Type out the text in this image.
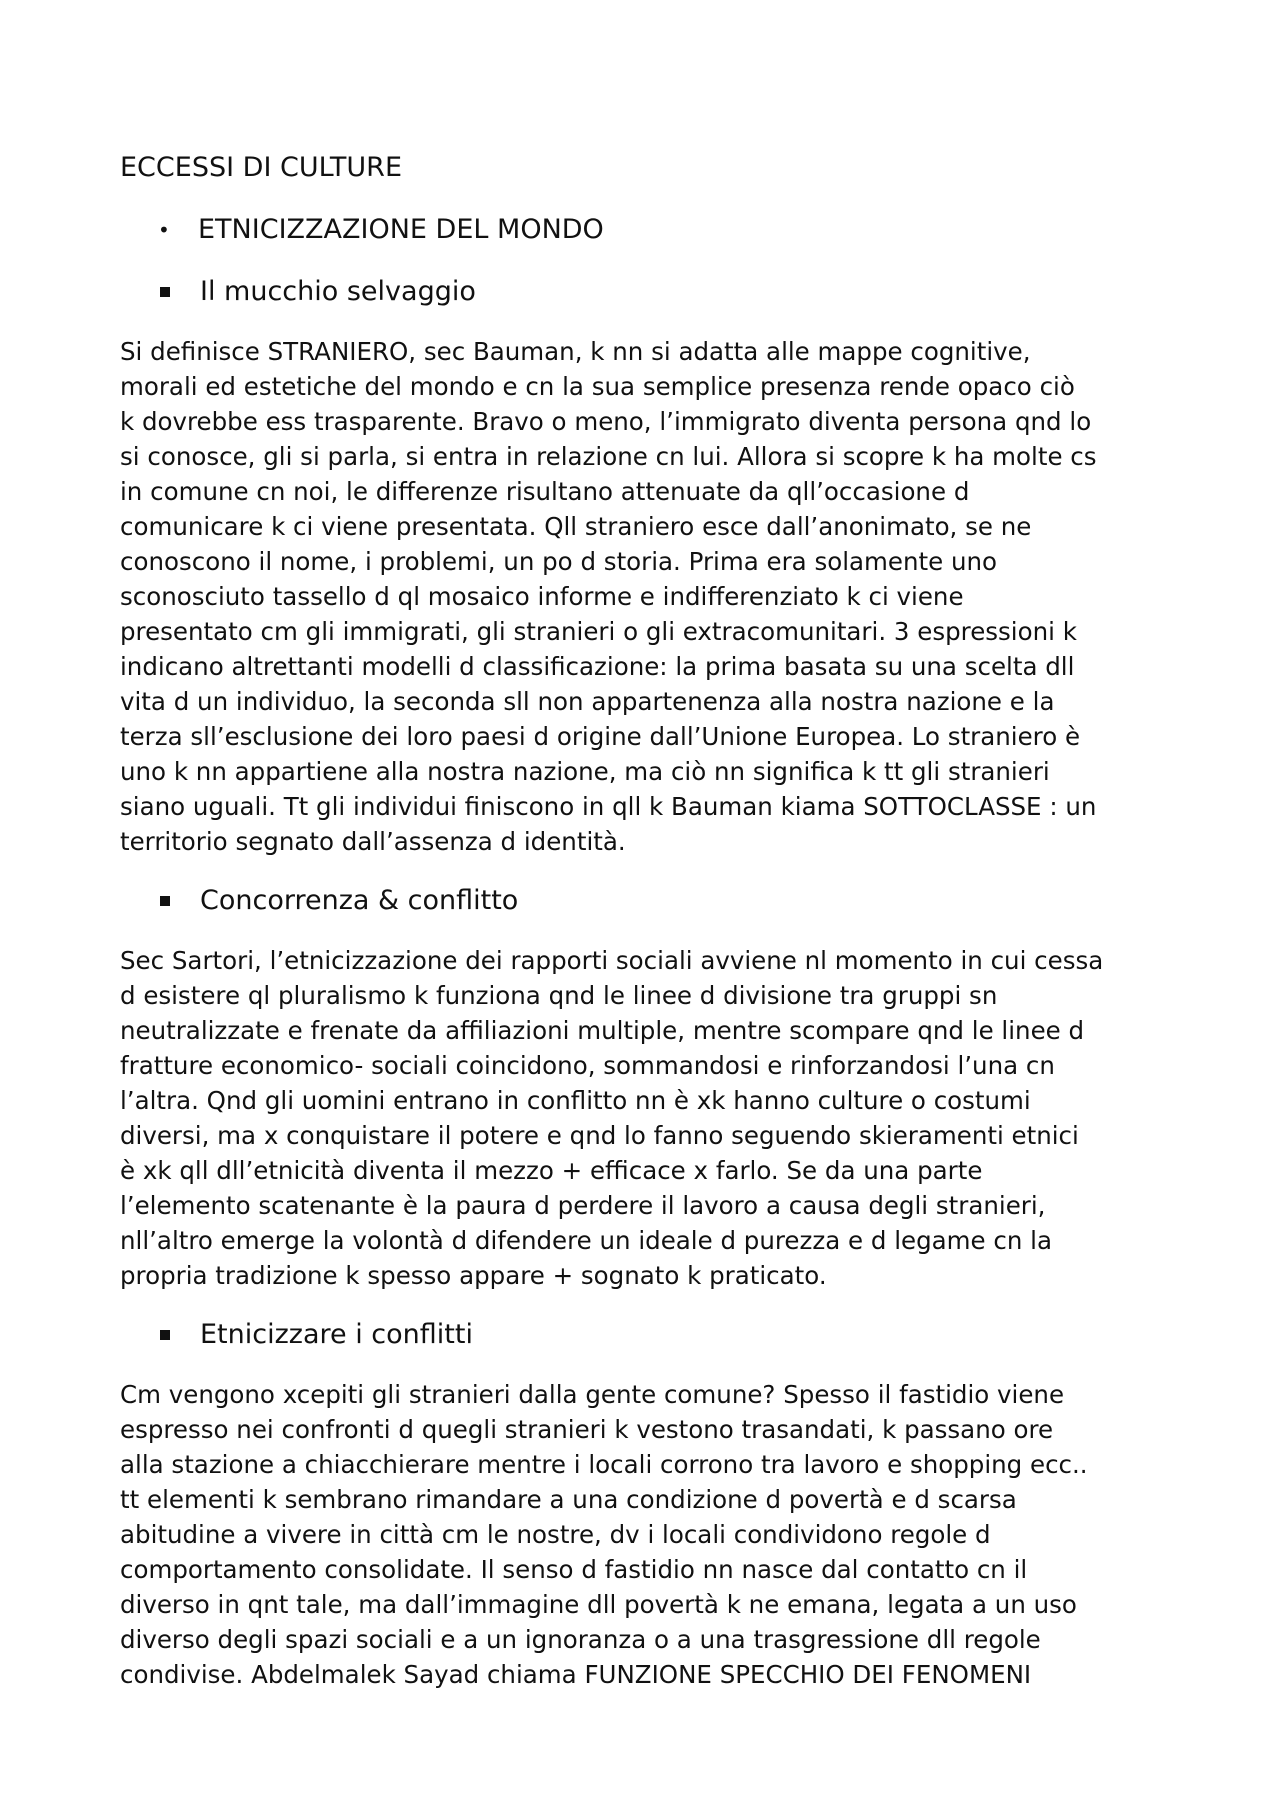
ECCESSI DI CULTURE
•	ETNICIZZAZIONE DEL MONDO
Il mucchio selvaggio
Si definisce STRANIERO, sec Bauman, k nn si adatta alle mappe cognitive,
morali ed estetiche del mondo e cn la sua semplice presenza rende opaco ciò
k dovrebbe ess trasparente. Bravo o meno, l’immigrato diventa persona qnd lo
si conosce, gli si parla, si entra in relazione cn lui. Allora si scopre k ha molte cs
in comune cn noi, le differenze risultano attenuate da qll’occasione d
comunicare k ci viene presentata. Qll straniero esce dall’anonimato, se ne
conoscono il nome, i problemi, un po d storia. Prima era solamente uno
sconosciuto tassello d ql mosaico informe e indifferenziato k ci viene
presentato cm gli immigrati, gli stranieri o gli extracomunitari. 3 espressioni k
indicano altrettanti modelli d classificazione: la prima basata su una scelta dll
vita d un individuo, la seconda sll non appartenenza alla nostra nazione e la
terza sll’esclusione dei loro paesi d origine dall’Unione Europea. Lo straniero è
uno k nn appartiene alla nostra nazione, ma ciò nn significa k tt gli stranieri
siano uguali. Tt gli individui finiscono in qll k Bauman kiama SOTTOCLASSE : un
territorio segnato dall’assenza d identità.
Concorrenza & conflitto
Sec Sartori, l’etnicizzazione dei rapporti sociali avviene nl momento in cui cessa
d esistere ql pluralismo k funziona qnd le linee d divisione tra gruppi sn
neutralizzate e frenate da affiliazioni multiple, mentre scompare qnd le linee d
fratture economico- sociali coincidono, sommandosi e rinforzandosi l’una cn
l’altra. Qnd gli uomini entrano in conflitto nn è xk hanno culture o costumi
diversi, ma x conquistare il potere e qnd lo fanno seguendo skieramenti etnici
è xk qll dll’etnicità diventa il mezzo + efficace x farlo. Se da una parte
l’elemento scatenante è la paura d perdere il lavoro a causa degli stranieri,
nll’altro emerge la volontà d difendere un ideale d purezza e d legame cn la
propria tradizione k spesso appare + sognato k praticato.
Etnicizzare i conflitti
Cm vengono xcepiti gli stranieri dalla gente comune? Spesso il fastidio viene
espresso nei confronti d quegli stranieri k vestono trasandati, k passano ore
alla stazione a chiacchierare mentre i locali corrono tra lavoro e shopping ecc..
tt elementi k sembrano rimandare a una condizione d povertà e d scarsa
abitudine a vivere in città cm le nostre, dv i locali condividono regole d
comportamento consolidate. Il senso d fastidio nn nasce dal contatto cn il
diverso in qnt tale, ma dall’immagine dll povertà k ne emana, legata a un uso
diverso degli spazi sociali e a un ignoranza o a una trasgressione dll regole
condivise. Abdelmalek Sayad chiama FUNZIONE SPECCHIO DEI FENOMENI
